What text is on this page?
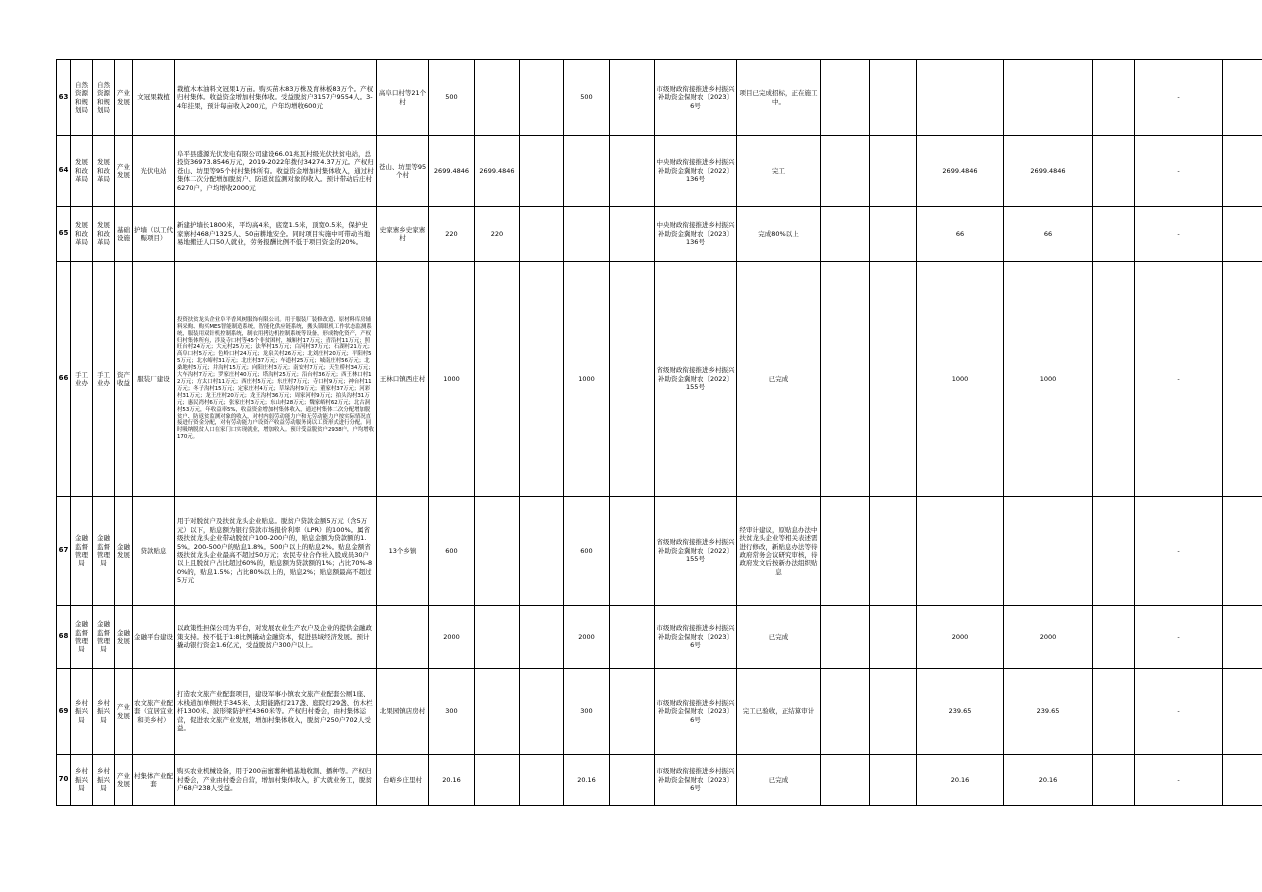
63	自然资源和规划局	自然资源和规划局	产业发展	文冠果栽植	栽植木本油料文冠果1万亩。购买苗木83万株及育林板83万个。产权归村集体。收益资金增加村集体收。受益脱贫户3157户9554人。3-4年挂果，预计每亩收入200元，户年均增收600元	高阜口村等21个村	500			500		市级财政衔接推进乡村振兴补助资金保财农〔2023〕6号	项目已完成招标，正在施工中。						-		
64	发展和改革局	发展和改革局	产业发展	光伏电站	阜平县盛源光伏发电有限公司建设66.01兆瓦村级光伏扶贫电站，总投资36973.8546万元，2019-2022年拨付34274.37万元。产权归苍山、坊里等95个村村集体所有。收益资金增加村集体收入，通过村集体二次分配增加脱贫户、防返贫监测对象的收入。预计带动后庄村6270户，户均增收2000元	苍山、坊里等95个村	2699.4846	2699.4846				中央财政衔接推进乡村振兴补助资金冀财农〔2022〕136号	完工			2699.4846	2699.4846		-		
65	发展和改革局	发展和改革局	基础设施	护墙（以工代赈项目）	新建护墙长1800米，平均高4米，底宽1.5米，顶宽0.5米，保护史家寨村468户1325人、50亩耕地安全。同时项目实施中可带动当地易地搬迁人口50人就业，劳务报酬比例不低于项目资金的20%。	史家寨乡史家寨村	220	220				中央财政衔接推进乡村振兴补助资金冀财农〔2023〕136号	完成80%以上			66	66		-		
66	手工业办	手工业办	资产收益	服装厂建设	投资扶贫龙头企业阜平香风树服饰有限公司。用于服装厂装修改造、原材料库房辅料采购、购买MES智能制造系统，智能化供应链系统，搬头锁眼机工作状态监测系统，服装用双针机控制系统，制衣用拷边机控制系统等设备，形成物化资产，产权归村集体所有，涉及寺口村等45个非贫困村，城厢村17万元；青沿村11万元；照旺台村24万元；大元村25万元；法华村15万元；白河村37万元；石湖村21万元；高阜口村5万元；色岭口村24万元；龙泉关村26万元；北刘庄村20万元；平阳村55万元；北水峪村31万元；北庄村37万元；车道村25万元；城南庄村56万元；北桑地村5万元；井沟村15万元；向阳庄村3万元；南安村7万元；天生桥村34万元；大车沟村7万元；罗家庄村40万元；塔沟村25万元；沿台村36万元；西王林口村12万元；方太口村11万元；西庄村5万元；东庄村7万元；寺口村9万元；神台村11万元；冬子沟村15万元；定家庄村4万元；草垛沟村9万元；董家村37万元；河彩村31万元；龙王庄村20万元；龙王沟村36万元；周家河村9万元；拍头沟村31万元；惠民湾村6万元；张家庄村3万元；东山村28万元；魏家峪村62万元；北古洞村53万元，年收益率5%，收益资金增加村集体收入，通过村集体二次分配增加脱贫户、防返贫监测对象的收入，对村内弱劳动能力户和无劳动能力户按实际情况直接进行资金分配，对有劳动能力户设资产收益劳动服务岗以工资形式进行分配。同时吸纳脱贫人口在家门口实现就业，增加收入。预计受益脱贫户2938户，户均增收170元。	王林口镇西庄村	1000			1000		省级财政衔接推进乡村振兴补助资金冀财农〔2022〕155号	已完成			1000	1000		-		
67	金融监督管理局	金融监督管理局	金融发展	贷款贴息	用于对脱贫户及扶贫龙头企业贴息。脱贫户贷款金额5万元（含5万元）以下，贴息额为银行贷款市场报价利率（LPR）的100%。属省级扶贫龙头企业带动脱贫户100-200户的，贴息金额为贷款额的1.5%。200-500户的贴息1.8%。500户以上的贴息2%。贴息金额省级扶贫龙头企业最高不超过50万元；农民专业合作社入股成员30户以上且脱贫户占比超过60%的，贴息额为贷款额的1%；占比70%-80%的，贴息1.5%；占比80%以上的，贴息2%；贴息额最高不超过5万元	13个乡镇	600			600		省级财政衔接推进乡村振兴补助资金冀财农〔2022〕155号	经审计建议，原贴息办法中扶贫龙头企业等相关表述需进行修改，新贴息办法等待政府常务会议研究审核，待政府发文后按新办法组织贴息						-		
68	金融监督管理局	金融监督管理局	金融发展	金融平台建设	以政策性担保公司为平台，对发展农业生产农户及企业的提供金融政策支持。按不低于1:8比例撬动金融资本，促进县域经济发展。预计撬动银行资金1.6亿元，受益脱贫户300户以上。		2000			2000		市级财政衔接推进乡村振兴补助资金保财农〔2023〕6号	已完成			2000	2000		-		
69	乡村振兴局	乡村振兴局	产业发展	农文旅产业配套（宜居宜业和美乡村）	打造农文旅产业配套项目，建设军事小镇农文旅产业配套公厕1座、木栈道加单侧扶手345米、太阳能路灯217盏、庭院灯29盏、仿木栏杆1300米、波形梁防护栏4360米等。产权归村委会，由村集体运营，促进农文旅产业发展，增加村集体收入，脱贫户250户702人受益。	北果园镇店房村	300			300		市级财政衔接推进乡村振兴补助资金保财农〔2023〕6号	完工已验收，正结算审计			239.65	239.65		-		
70	乡村振兴局	乡村振兴局	产业发展	村集体产业配套	购买农业机械设备，用于200亩蜜薯种植基地收割、播种等。产权归村委会，产业由村委会自营，增加村集体收入，扩大就业务工，脱贫户68户238人受益。	台峪乡庄里村	20.16			20.16		市级财政衔接推进乡村振兴补助资金保财农〔2023〕6号	已完成			20.16	20.16		-		
